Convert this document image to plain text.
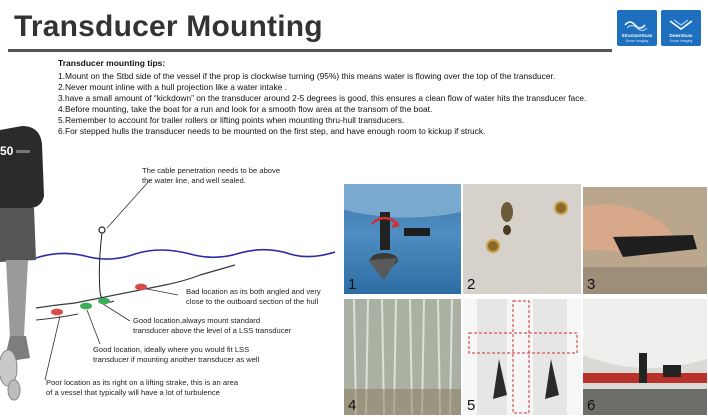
Transducer Mounting	StructureScan
Sonar Imaging
DownScan
Sonar Imaging
Transducer mounting tips:
1.Mount on the Stbd side of the vessel if the prop is clockwise turning (95%) this means water is flowing over the top of the transducer.
2.Never mount inline with a hull projection like a water intake .
3.have a small amount of “kickdown” on the transducer around 2-5 degrees is good, this ensures a clean flow of water hits the transducer face.
4.Before mounting, take the boat for a run and look for a smooth flow area at the transom of the boat.
5.Remember to account for trailer rollers or lifting points when mounting thru-hull transducers.
6.For stepped hulls the transducer needs to be mounted on the first step, and have enough room to kickup if struck.
50
The cable penetration needs to be above
the water line, and well sealed.
Bad location as its both angled and very
close to the outboard section of the hull
Good location,always mount standard
transducer above the level of a LSS transducer
Good location, ideally where you would fit LSS
transducer if mounting another transducer as well
Poor location as its right on a lifting strake, this is an area
of a vessel that typically will have a lot of turbulence
1	2	3
4	5	6
